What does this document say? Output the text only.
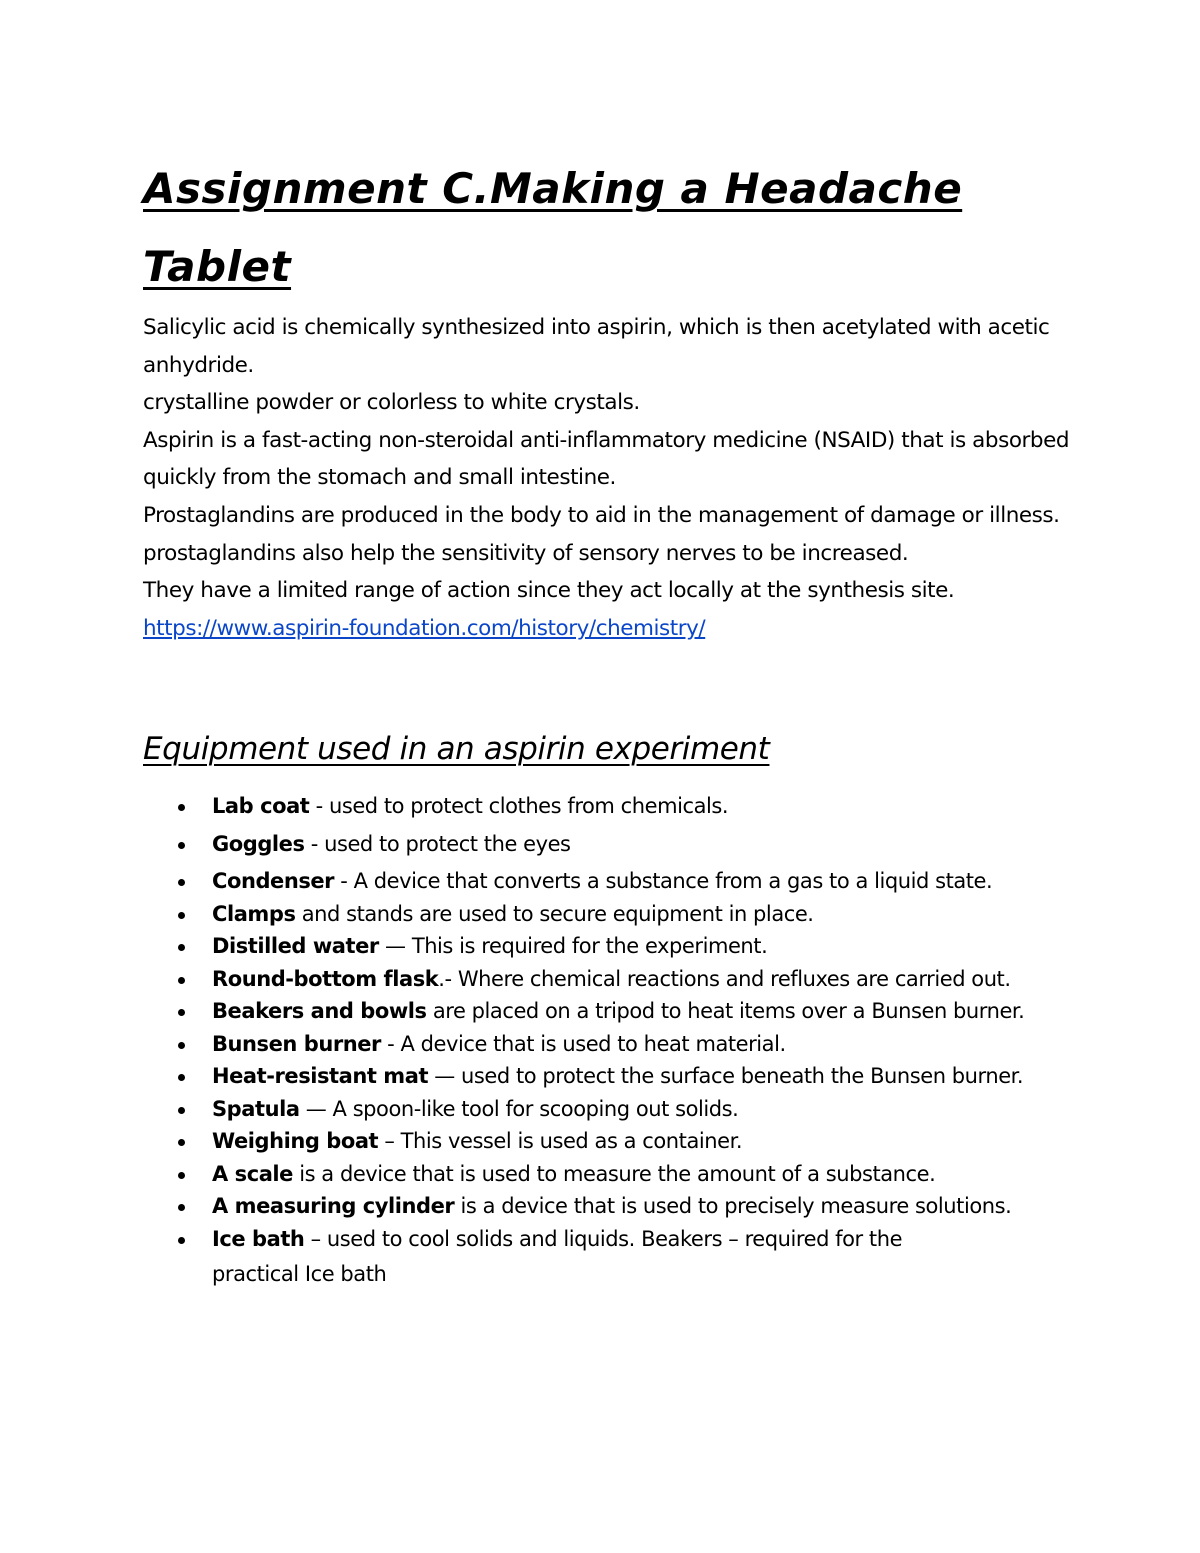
Assignment C.Making a Headache
Tablet

Salicylic acid is chemically synthesized into aspirin, which is then acetylated with acetic anhydride.

crystalline powder or colorless to white crystals.

Aspirin is a fast-acting non-steroidal anti-inflammatory medicine (NSAID) that is absorbed quickly from the stomach and small intestine.

Prostaglandins are produced in the body to aid in the management of damage or illness. prostaglandins also help the sensitivity of sensory nerves to be increased.

They have a limited range of action since they act locally at the synthesis site.

https://www.aspirin-foundation.com/history/chemistry/

Equipment used in an aspirin experiment
Lab coat - used to protect clothes from chemicals.
Goggles - used to protect the eyes
Condenser - A device that converts a substance from a gas to a liquid state.
Clamps and stands are used to secure equipment in place.
Distilled water — This is required for the experiment.
Round-bottom flask.- Where chemical reactions and refluxes are carried out.
Beakers and bowls are placed on a tripod to heat items over a Bunsen burner.
Bunsen burner - A device that is used to heat material.
Heat-resistant mat — used to protect the surface beneath the Bunsen burner.
Spatula — A spoon-like tool for scooping out solids.
Weighing boat – This vessel is used as a container.
A scale is a device that is used to measure the amount of a substance.
A measuring cylinder is a device that is used to precisely measure solutions.
Ice bath – used to cool solids and liquids. Beakers – required for the
practical Ice bath
